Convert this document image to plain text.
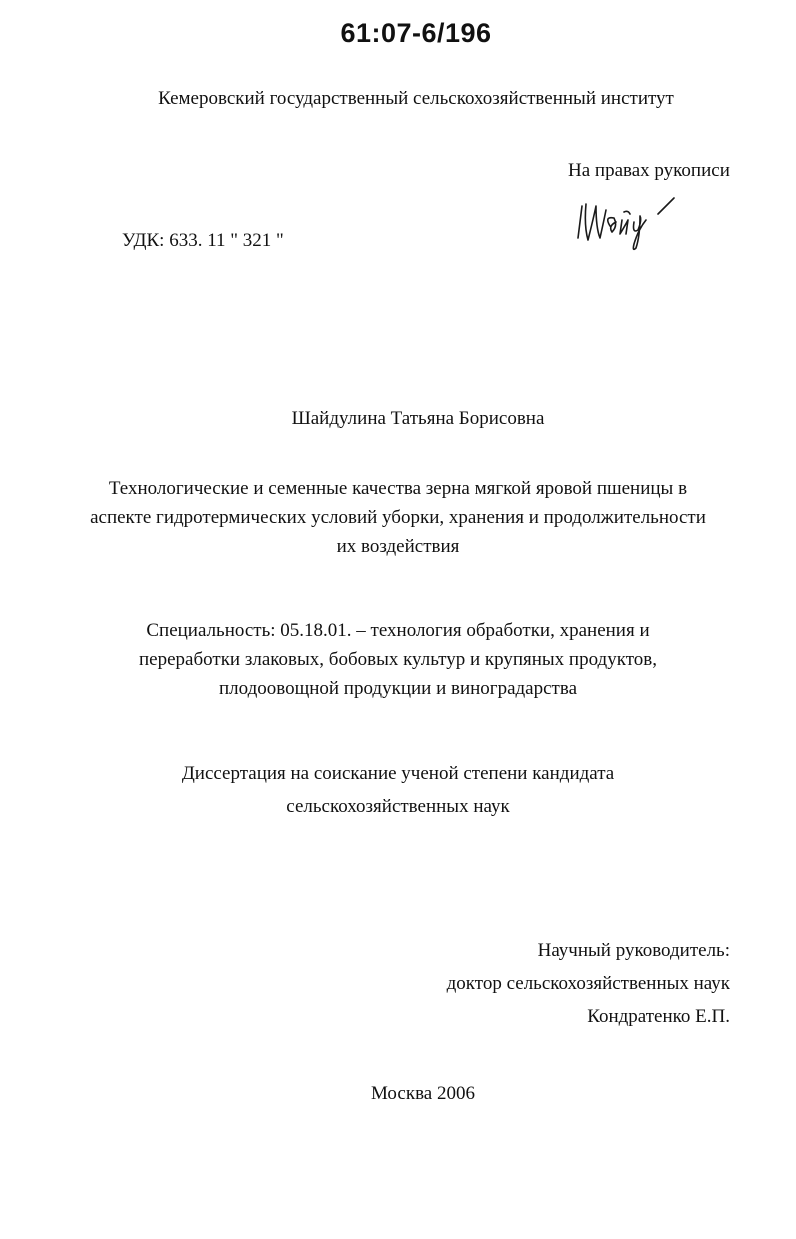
61:07-6/196
Кемеровский государственный сельскохозяйственный институт
На правах рукописи
УДК: 633. 11 " 321 "
Шайдулина Татьяна Борисовна
Технологические и семенные качества зерна мягкой яровой пшеницы в
аспекте гидротермических условий уборки, хранения и продолжительности
их воздействия
Специальность: 05.18.01. – технология обработки, хранения и
переработки злаковых, бобовых культур и крупяных продуктов,
плодоовощной продукции и виноградарства
Диссертация на соискание ученой степени кандидата
сельскохозяйственных наук
Научный руководитель:
доктор сельскохозяйственных наук
Кондратенко Е.П.
Москва 2006
